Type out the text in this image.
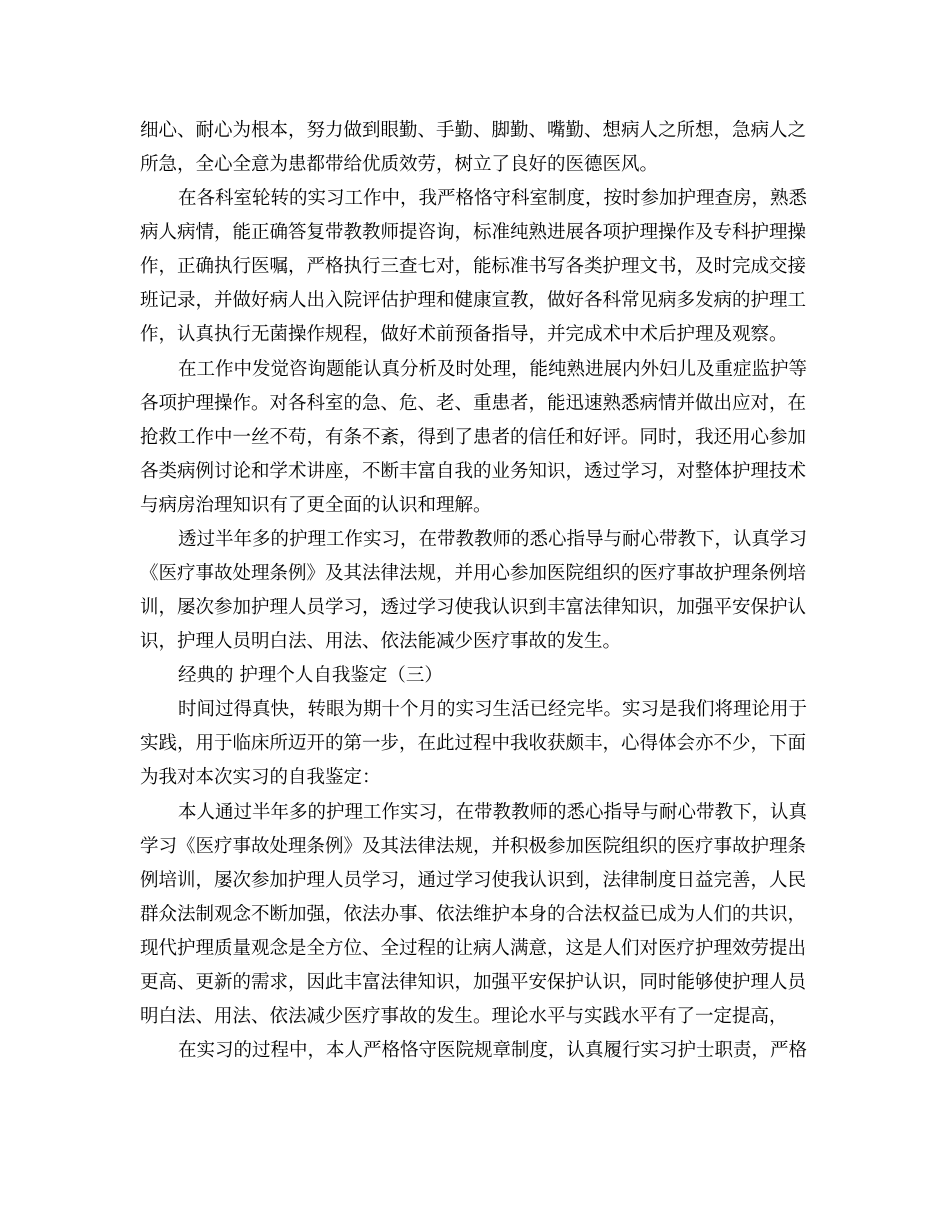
细心、耐心为根本，努力做到眼勤、手勤、脚勤、嘴勤、想病人之所想，急病人之
所急，全心全意为患都带给优质效劳，树立了良好的医德医风。
在各科室轮转的实习工作中，我严格恪守科室制度，按时参加护理查房，熟悉
病人病情，能正确答复带教教师提咨询，标准纯熟进展各项护理操作及专科护理操
作，正确执行医嘱，严格执行三查七对，能标准书写各类护理文书，及时完成交接
班记录，并做好病人出入院评估护理和健康宣教，做好各科常见病多发病的护理工
作，认真执行无菌操作规程，做好术前预备指导，并完成术中术后护理及观察。
在工作中发觉咨询题能认真分析及时处理，能纯熟进展内外妇儿及重症监护等
各项护理操作。对各科室的急、危、老、重患者，能迅速熟悉病情并做出应对，在
抢救工作中一丝不苟，有条不紊，得到了患者的信任和好评。同时，我还用心参加
各类病例讨论和学术讲座，不断丰富自我的业务知识，透过学习，对整体护理技术
与病房治理知识有了更全面的认识和理解。
透过半年多的护理工作实习，在带教教师的悉心指导与耐心带教下，认真学习
《医疗事故处理条例》及其法律法规，并用心参加医院组织的医疗事故护理条例培
训，屡次参加护理人员学习，透过学习使我认识到丰富法律知识，加强平安保护认
识，护理人员明白法、用法、依法能减少医疗事故的发生。
经典的 护理个人自我鉴定（三）
时间过得真快，转眼为期十个月的实习生活已经完毕。实习是我们将理论用于
实践，用于临床所迈开的第一步，在此过程中我收获颇丰，心得体会亦不少，下面
为我对本次实习的自我鉴定：
本人通过半年多的护理工作实习，在带教教师的悉心指导与耐心带教下，认真
学习《医疗事故处理条例》及其法律法规，并积极参加医院组织的医疗事故护理条
例培训，屡次参加护理人员学习，通过学习使我认识到，法律制度日益完善，人民
群众法制观念不断加强，依法办事、依法维护本身的合法权益已成为人们的共识，
现代护理质量观念是全方位、全过程的让病人满意，这是人们对医疗护理效劳提出
更高、更新的需求，因此丰富法律知识，加强平安保护认识，同时能够使护理人员
明白法、用法、依法减少医疗事故的发生。理论水平与实践水平有了一定提高，
在实习的过程中，本人严格恪守医院规章制度，认真履行实习护士职责，严格
